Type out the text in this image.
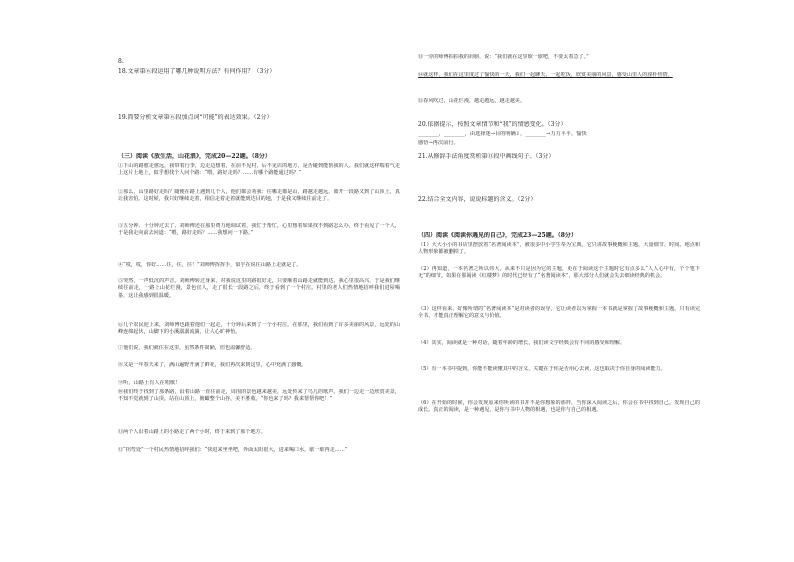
8.
18.文章第⑥段运用了哪几种说明方法？有何作用？（3分）
19.简要分析文章第⑥段加点词“可能”的表达效果。（2分）
（三）阅读《放生活，山花浪》，完成20—22题。（8分）
①下山的路愈走愈远，我带着行李，边走边想着，在前不见村，后不见店的地方，是否碰到能帮我的人。我们就这样喘着气走上这片土地上，似乎想找个人问个路：“喂，路好走吗？……有哪个路能通过吗？”
②那么，山里路好走吗？随便在路上遇到几个人，他们都会劝我：往哪走都是山，路越走越远，离开一段路又到了山顶上，真让我害怕。这时候，我只好继续走着，相信走着走着就能到达目的地，于是我又继续往前走了。
③五分钟、十分钟过去了，刘师傅还在那里费力地调试着。我忙于帮忙，心里想着如果找不到路怎么办，终于看见了一个人，于是我走向前去问道：“喂，路好走吗？……我想问一下路。”
④“哎，哎，你好……往，往，往！”刘师傅挥挥手，似乎在说往山路上走就是了。
⑤突然，一声低沉的声音，刘师傅转过身来，对我说这里的路很好走，只要顺着山路走就能到达。我心里很高兴，于是我们继续往前走，一路上山花烂漫，景色宜人，走了很长一段路之后，终于看到了一个村庄。村里的老人们热情地招呼我们进屋喝茶，这让我感到很温暖。
⑥几个农民迎上来，刘师傅也跟着他们一起走，十分钟后来到了一个小村庄。在那里，我们看到了许多美丽的风景，远处的山峰连绵起伏，山脚下的小溪潺潺流淌，让人心旷神怡。
⑦他们说，我们就住在这里，虽然条件简陋，但也温馨舒适。
⑧又是一年春天来了，满山遍野开满了鲜花，我们再次来到这里，心中充满了感慨。
⑨听，山路上有人在唱歌！
⑩我们终于找到了那条路，沿着山路一直往前走，周围的景色越来越美，远处传来了鸟儿的歌声。我们一边走一边欣赏美景，不知不觉就到了山顶。站在山顶上，俯瞰整个山谷，美不胜收。“你也来了吗？我来帮帮你吧！”
⑪两个人沿着山路上的小路走了两个小时，终于来到了那个地方。
⑫“拐弯处”一个村民热情地招呼我们：“快进来坐坐吧，外面太阳很大，进来喝口水，歇一歇再走……”
⑬一旁的师傅拍拍我的肩膀，说：“我们就在这里歇一歇吧，不要太着急了。”
⑭就这样，我们在这里度过了愉快的一天，我们一起聊天、一起吃饭，欣赏美丽的风景，感受山里人的淳朴热情。
⑮春风吹过，山花烂漫，越走越远，越走越美。
20.依据提示，按照文章情节和“我”的情感变化。（3分）
________，________，由选择迷→目的明确↓，________→力力平平，愉快
感悟→再次前行。
21.从修辞手法角度赏析第⑪段中画线句子。（3分）
22.结合全文内容，说说标题的含义。（2分）
（四）阅读《阅读你遇见的自己》，完成23—25题。（8分）
（1）大大小小的书店里摆放着“名著阅读本”，被很多中小学生奉为宝典。它只讲故事梗概和主题，大量细节、时间、地点和人物形象都被删掉了。
（2）再知道，一本名著之所以伟大，从来不只是因为它的主题，更在于阅读这个主题时它有点多么“人人心中有，个个笔下无”的细节。如果在那阅读《红楼梦》的时代已经有了“名著阅读本”，那大部分人们就会失去细读经典的机会。
（3）这样看来，好像所谓的“名著阅读本”是对读者的误导。它让读者以为掌握一本书就是掌握了故事梗概和主题，只有读完全书，才能真正理解它的意义与价值。
（4）其实，阅读就是一种对话，随着年龄的增长，我们读文学经典会有不同的感受和理解。
（5）有一本书中提到，你能不能读懂其中的含义，关键在于你是否用心去读，这也取决于你自身的阅读能力。
（6）在开始的时候，你会发现原来你所读的书并不是你想象的那样，当你深入阅读之后，你会在书中找到自己，发现自己的成长。真正的阅读，是一种遇见，是你与书中人物的相遇，也是你与自己的相遇。
